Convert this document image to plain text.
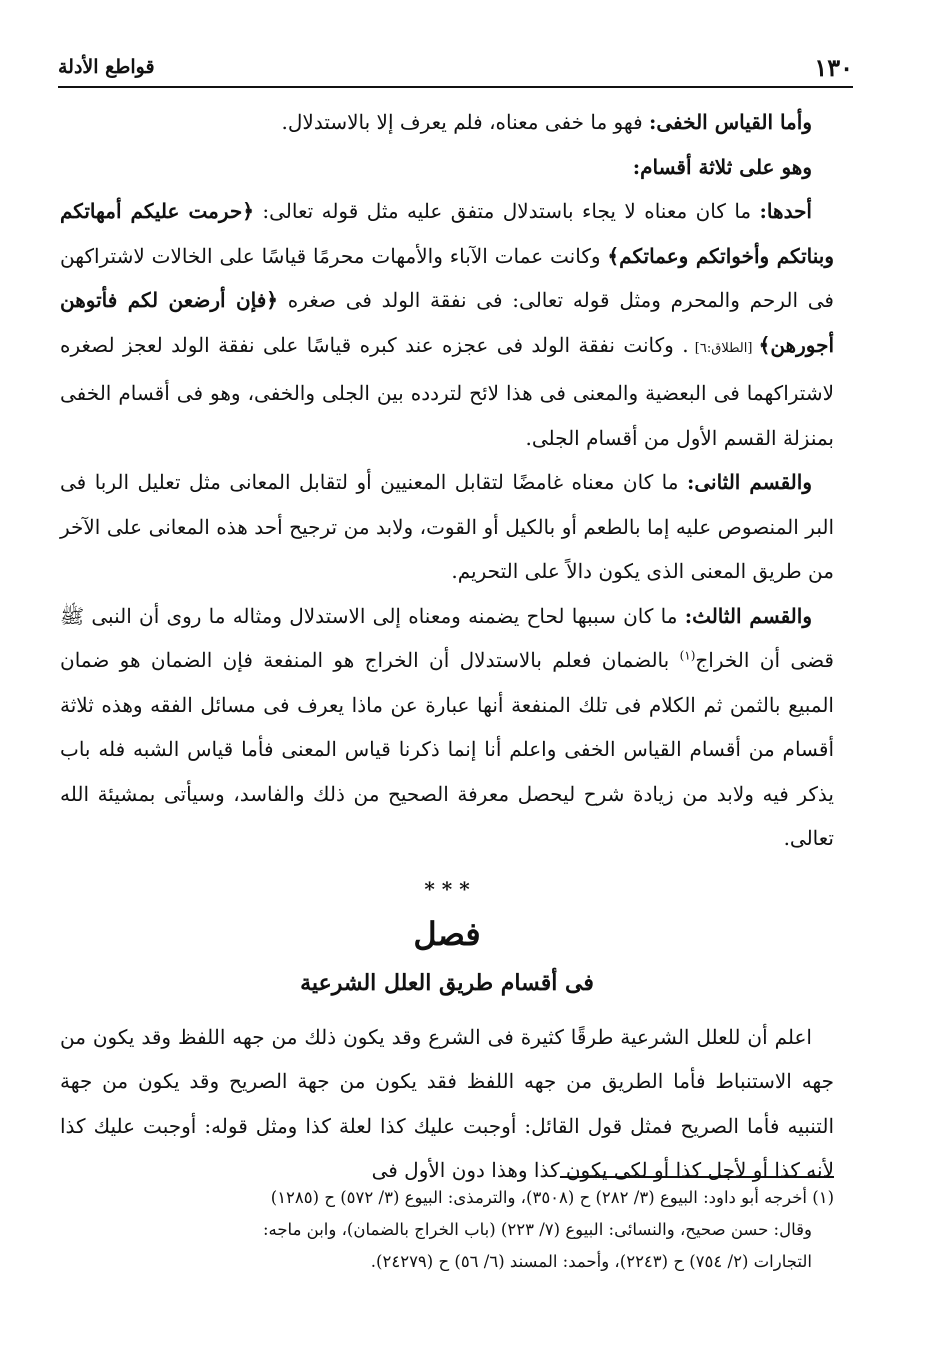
قواطع الأدلة	١٣٠

وأما القياس الخفى: فهو ما خفى معناه، فلم يعرف إلا بالاستدلال.

وهو على ثلاثة أقسام:

أحدها: ما كان معناه لا يجاء باستدلال متفق عليه مثل قوله تعالى: ﴿حرمت عليكم أمهاتكم وبناتكم وأخواتكم وعماتكم﴾ وكانت عمات الآباء والأمهات محرمًا قياسًا على الخالات لاشتراكهن فى الرحم والمحرم ومثل قوله تعالى: فى نفقة الولد فى صغره ﴿فإن أرضعن لكم فأتوهن أجورهن﴾ [الطلاق:٦] . وكانت نفقة الولد فى عجزه عند كبره قياسًا على نفقة الولد لعجز لصغره لاشتراكهما فى البعضية والمعنى فى هذا لائح لتردده بين الجلى والخفى، وهو فى أقسام الخفى بمنزلة القسم الأول من أقسام الجلى.

والقسم الثانى: ما كان معناه غامضًا لتقابل المعنيين أو لتقابل المعانى مثل تعليل الربا فى البر المنصوص عليه إما بالطعم أو بالكيل أو القوت، ولابد من ترجيح أحد هذه المعانى على الآخر من طريق المعنى الذى يكون دالاً على التحريم.

والقسم الثالث: ما كان سببها لحاح يضمنه ومعناه إلى الاستدلال ومثاله ما روى أن النبى ﷺ قضى أن الخراج$^{(١)}$ بالضمان فعلم بالاستدلال أن الخراج هو المنفعة فإن الضمان هو ضمان المبيع بالثمن ثم الكلام فى تلك المنفعة أنها عبارة عن ماذا يعرف فى مسائل الفقه وهذه ثلاثة أقسام من أقسام القياس الخفى واعلم أنا إنما ذكرنا قياس المعنى فأما قياس الشبه فله باب يذكر فيه ولابد من زيادة شرح ليحصل معرفة الصحيح من ذلك والفاسد، وسيأتى بمشيئة الله تعالى.

* * *
فصل
فى أقسام طريق العلل الشرعية

اعلم أن للعلل الشرعية طرقًا كثيرة فى الشرع وقد يكون ذلك من جهه اللفظ وقد يكون من جهه الاستنباط فأما الطريق من جهه اللفظ فقد يكون من جهة الصريح وقد يكون من جهة التنبيه فأما الصريح فمثل قول القائل: أوجبت عليك كذا لعلة كذا ومثل قوله: أوجبت عليك كذا لأنه كذا أو لأجل كذا أو لكى يكون كذا وهذا دون الأول فى

(١) أخرجه أبو داود: البيوع (٣/ ٢٨٢) ح (٣٥٠٨)، والترمذى: البيوع (٣/ ٥٧٢) ح (١٢٨٥)

وقال: حسن صحيح، والنسائى: البيوع (٧/ ٢٢٣) (باب الخراج بالضمان)، وابن ماجه:

التجارات (٢/ ٧٥٤) ح (٢٢٤٣)، وأحمد: المسند (٦/ ٥٦) ح (٢٤٢٧٩).
